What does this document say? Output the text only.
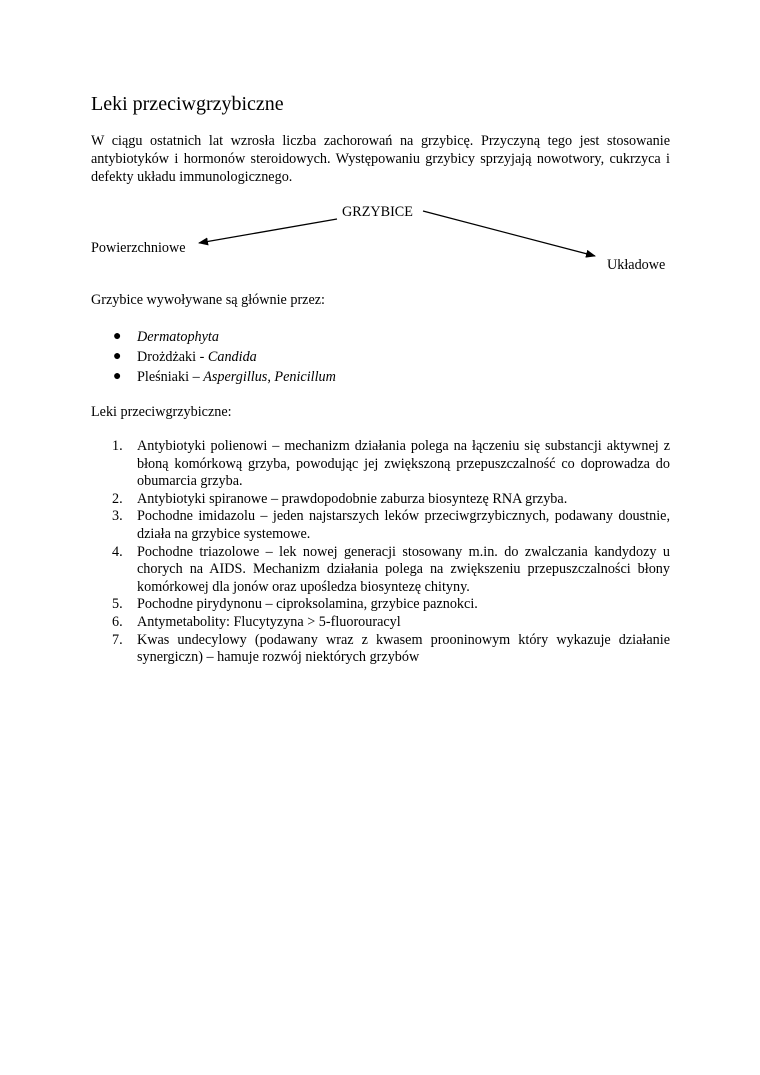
Leki przeciwgrzybiczne

W ciągu ostatnich lat wzrosła liczba zachorowań na grzybicę. Przyczyną tego jest stosowanie antybiotyków i hormonów steroidowych. Występowaniu grzybicy sprzyjają nowotwory, cukrzyca i defekty układu immunologicznego.

GRZYBICE
Powierzchniowe
Układowe

Grzybice wywoływane są głównie przez:

● Dermatophyta
● Drożdżaki - Candida
● Pleśniaki – Aspergillus, Penicillum

Leki przeciwgrzybiczne:

1. Antybiotyki polienowi – mechanizm działania polega na łączeniu się substancji aktywnej z błoną komórkową grzyba, powodując jej zwiększoną przepuszczalność co doprowadza do obumarcia grzyba.
2. Antybiotyki spiranowe – prawdopodobnie zaburza biosyntezę RNA grzyba.
3. Pochodne imidazolu – jeden najstarszych leków przeciwgrzybicznych, podawany doustnie, działa na grzybice systemowe.
4. Pochodne triazolowe – lek nowej generacji stosowany m.in. do zwalczania kandydozy u chorych na AIDS. Mechanizm działania polega na zwiększeniu przepuszczalności błony komórkowej dla jonów oraz upośledza biosyntezę chityny.
5. Pochodne pirydynonu – ciproksolamina, grzybice paznokci.
6. Antymetabolity: Flucytyzyna > 5-fluorouracyl
7. Kwas undecylowy (podawany wraz z kwasem prooninowym który wykazuje działanie synergiczn) – hamuje rozwój niektórych grzybów
